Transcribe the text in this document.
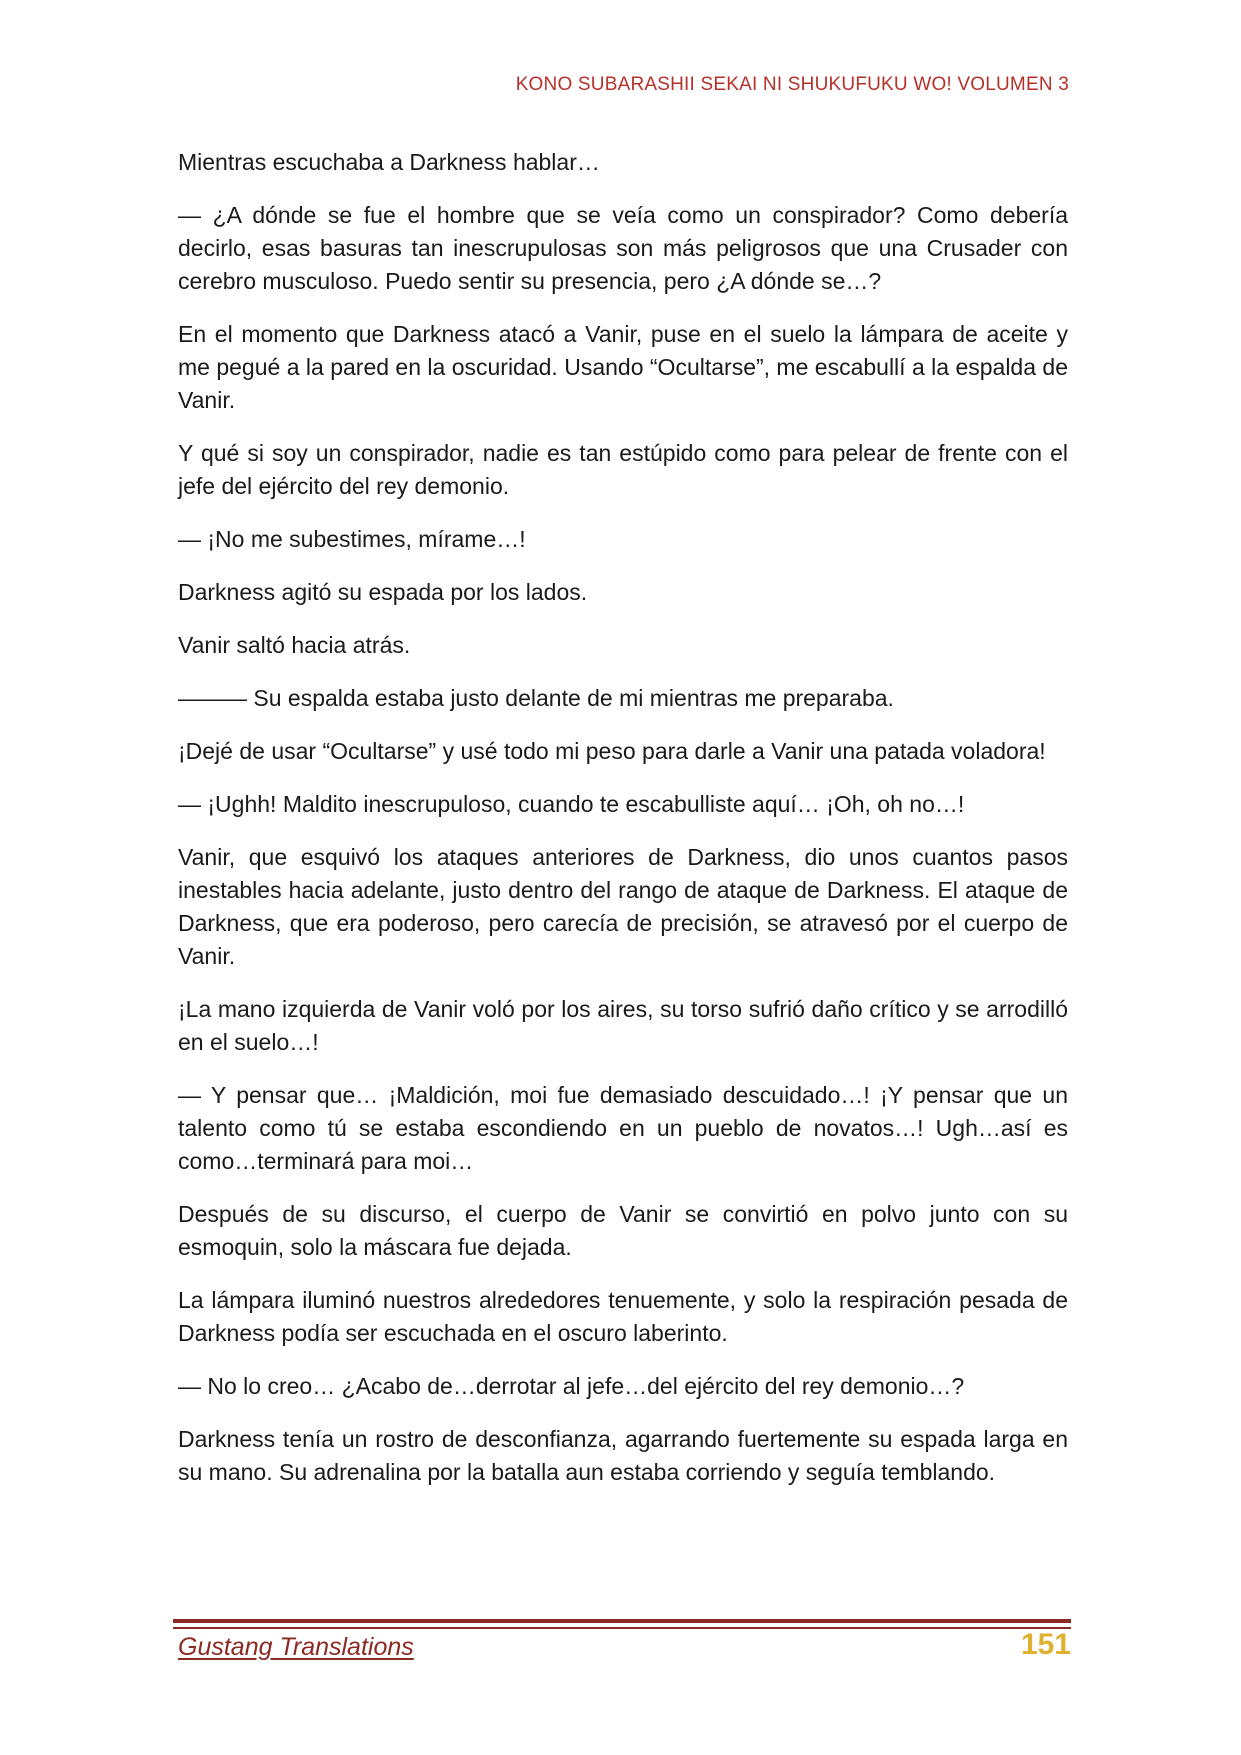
KONO SUBARASHII SEKAI NI SHUKUFUKU WO! VOLUMEN 3

Mientras escuchaba a Darkness hablar…

— ¿A dónde se fue el hombre que se veía como un conspirador? Como debería decirlo, esas basuras tan inescrupulosas son más peligrosos que una Crusader con cerebro musculoso. Puedo sentir su presencia, pero ¿A dónde se…?

En el momento que Darkness atacó a Vanir, puse en el suelo la lámpara de aceite y me pegué a la pared en la oscuridad. Usando “Ocultarse”, me escabullí a la espalda de Vanir.

Y qué si soy un conspirador, nadie es tan estúpido como para pelear de frente con el jefe del ejército del rey demonio.

— ¡No me subestimes, mírame…!

Darkness agitó su espada por los lados.

Vanir saltó hacia atrás.

——— Su espalda estaba justo delante de mi mientras me preparaba.

¡Dejé de usar “Ocultarse” y usé todo mi peso para darle a Vanir una patada voladora!

— ¡Ughh! Maldito inescrupuloso, cuando te escabulliste aquí… ¡Oh, oh no…!

Vanir, que esquivó los ataques anteriores de Darkness, dio unos cuantos pasos inestables hacia adelante, justo dentro del rango de ataque de Darkness. El ataque de Darkness, que era poderoso, pero carecía de precisión, se atravesó por el cuerpo de Vanir.

¡La mano izquierda de Vanir voló por los aires, su torso sufrió daño crítico y se arrodilló en el suelo…!

— Y pensar que… ¡Maldición, moi fue demasiado descuidado…! ¡Y pensar que un talento como tú se estaba escondiendo en un pueblo de novatos…! Ugh…así es como…terminará para moi…

Después de su discurso, el cuerpo de Vanir se convirtió en polvo junto con su esmoquin, solo la máscara fue dejada.

La lámpara iluminó nuestros alrededores tenuemente, y solo la respiración pesada de Darkness podía ser escuchada en el oscuro laberinto.

— No lo creo… ¿Acabo de…derrotar al jefe…del ejército del rey demonio…?

Darkness tenía un rostro de desconfianza, agarrando fuertemente su espada larga en su mano. Su adrenalina por la batalla aun estaba corriendo y seguía temblando.

Gustang Translations	151
